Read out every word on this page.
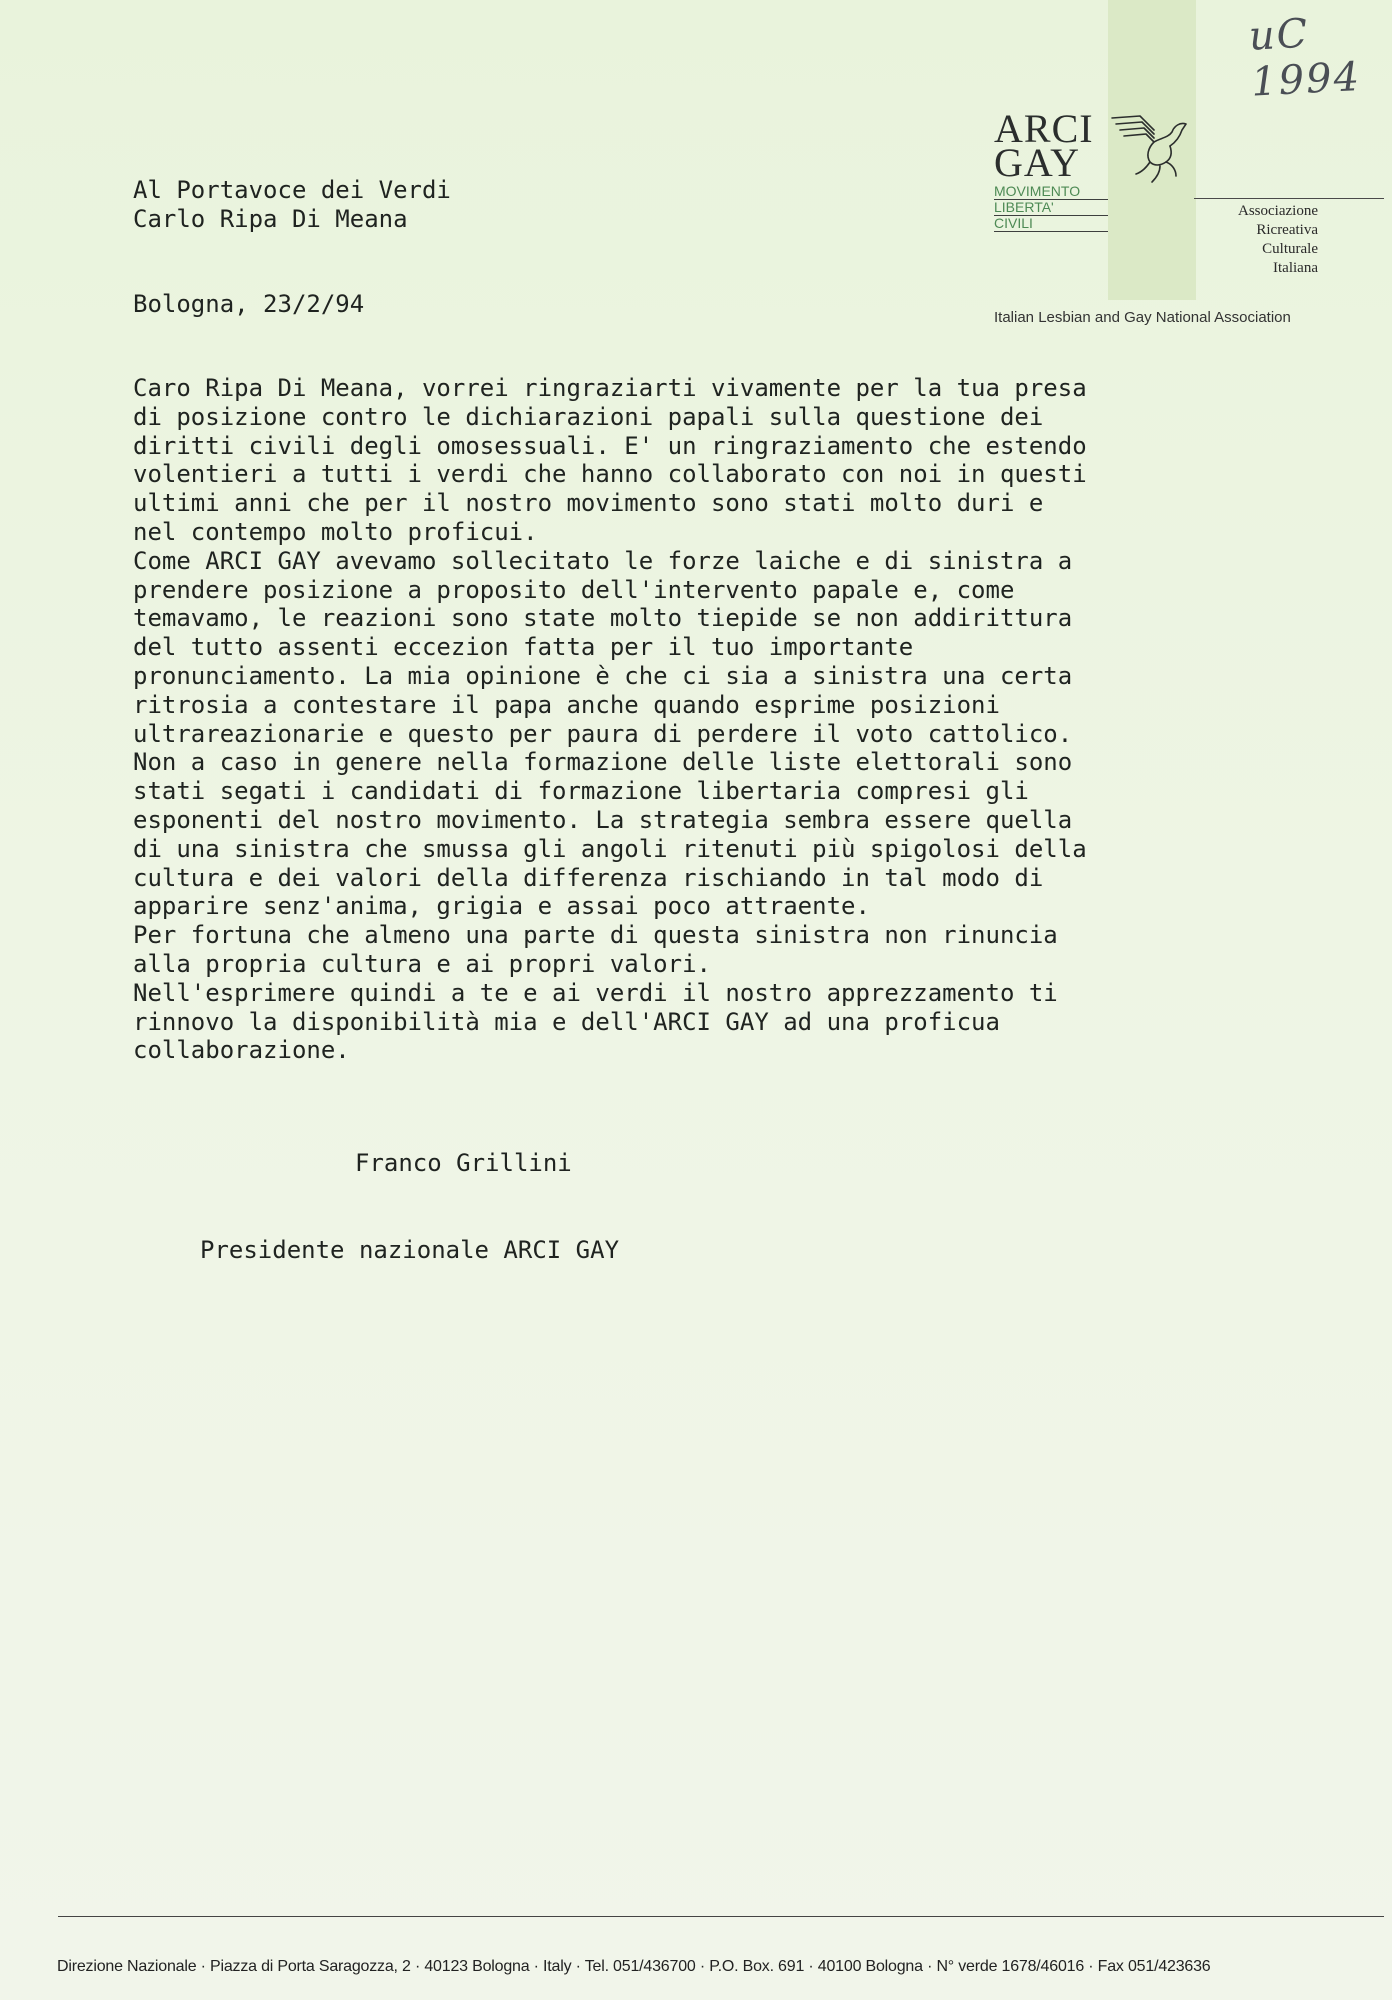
uC 1994
ARCI
GAY
MOVIMENTO
LIBERTA'
CIVILI
Associazione
Ricreativa
Culturale
Italiana
Italian Lesbian and Gay National Association
Al Portavoce dei Verdi
Carlo Ripa Di Meana
Bologna, 23/2/94
Caro Ripa Di Meana, vorrei ringraziarti vivamente per la tua presa
di posizione contro le dichiarazioni papali sulla questione dei
diritti civili degli omosessuali. E' un ringraziamento che estendo
volentieri a tutti i verdi che hanno collaborato con noi in questi
ultimi anni che per il nostro movimento sono stati molto duri e
nel contempo molto proficui.
Come ARCI GAY avevamo sollecitato le forze laiche e di sinistra a
prendere posizione a proposito dell'intervento papale e, come
temavamo, le reazioni sono state molto tiepide se non addirittura
del tutto assenti eccezion fatta per il tuo importante
pronunciamento. La mia opinione è che ci sia a sinistra una certa
ritrosia a contestare il papa anche quando esprime posizioni
ultrareazionarie e questo per paura di perdere il voto cattolico.
Non a caso in genere nella formazione delle liste elettorali sono
stati segati i candidati di formazione libertaria compresi gli
esponenti del nostro movimento. La strategia sembra essere quella
di una sinistra che smussa gli angoli ritenuti più spigolosi della
cultura e dei valori della differenza rischiando in tal modo di
apparire senz'anima, grigia e assai poco attraente.
Per fortuna che almeno una parte di questa sinistra non rinuncia
alla propria cultura e ai propri valori.
Nell'esprimere quindi a te e ai verdi il nostro apprezzamento ti
rinnovo la disponibilità mia e dell'ARCI GAY ad una proficua
collaborazione.

Franco Grillini

Presidente nazionale ARCI GAY

Direzione Nazionale · Piazza di Porta Saragozza, 2 · 40123 Bologna · Italy · Tel. 051/436700 · P.O. Box. 691 · 40100 Bologna · N° verde 1678/46016 · Fax 051/423636
